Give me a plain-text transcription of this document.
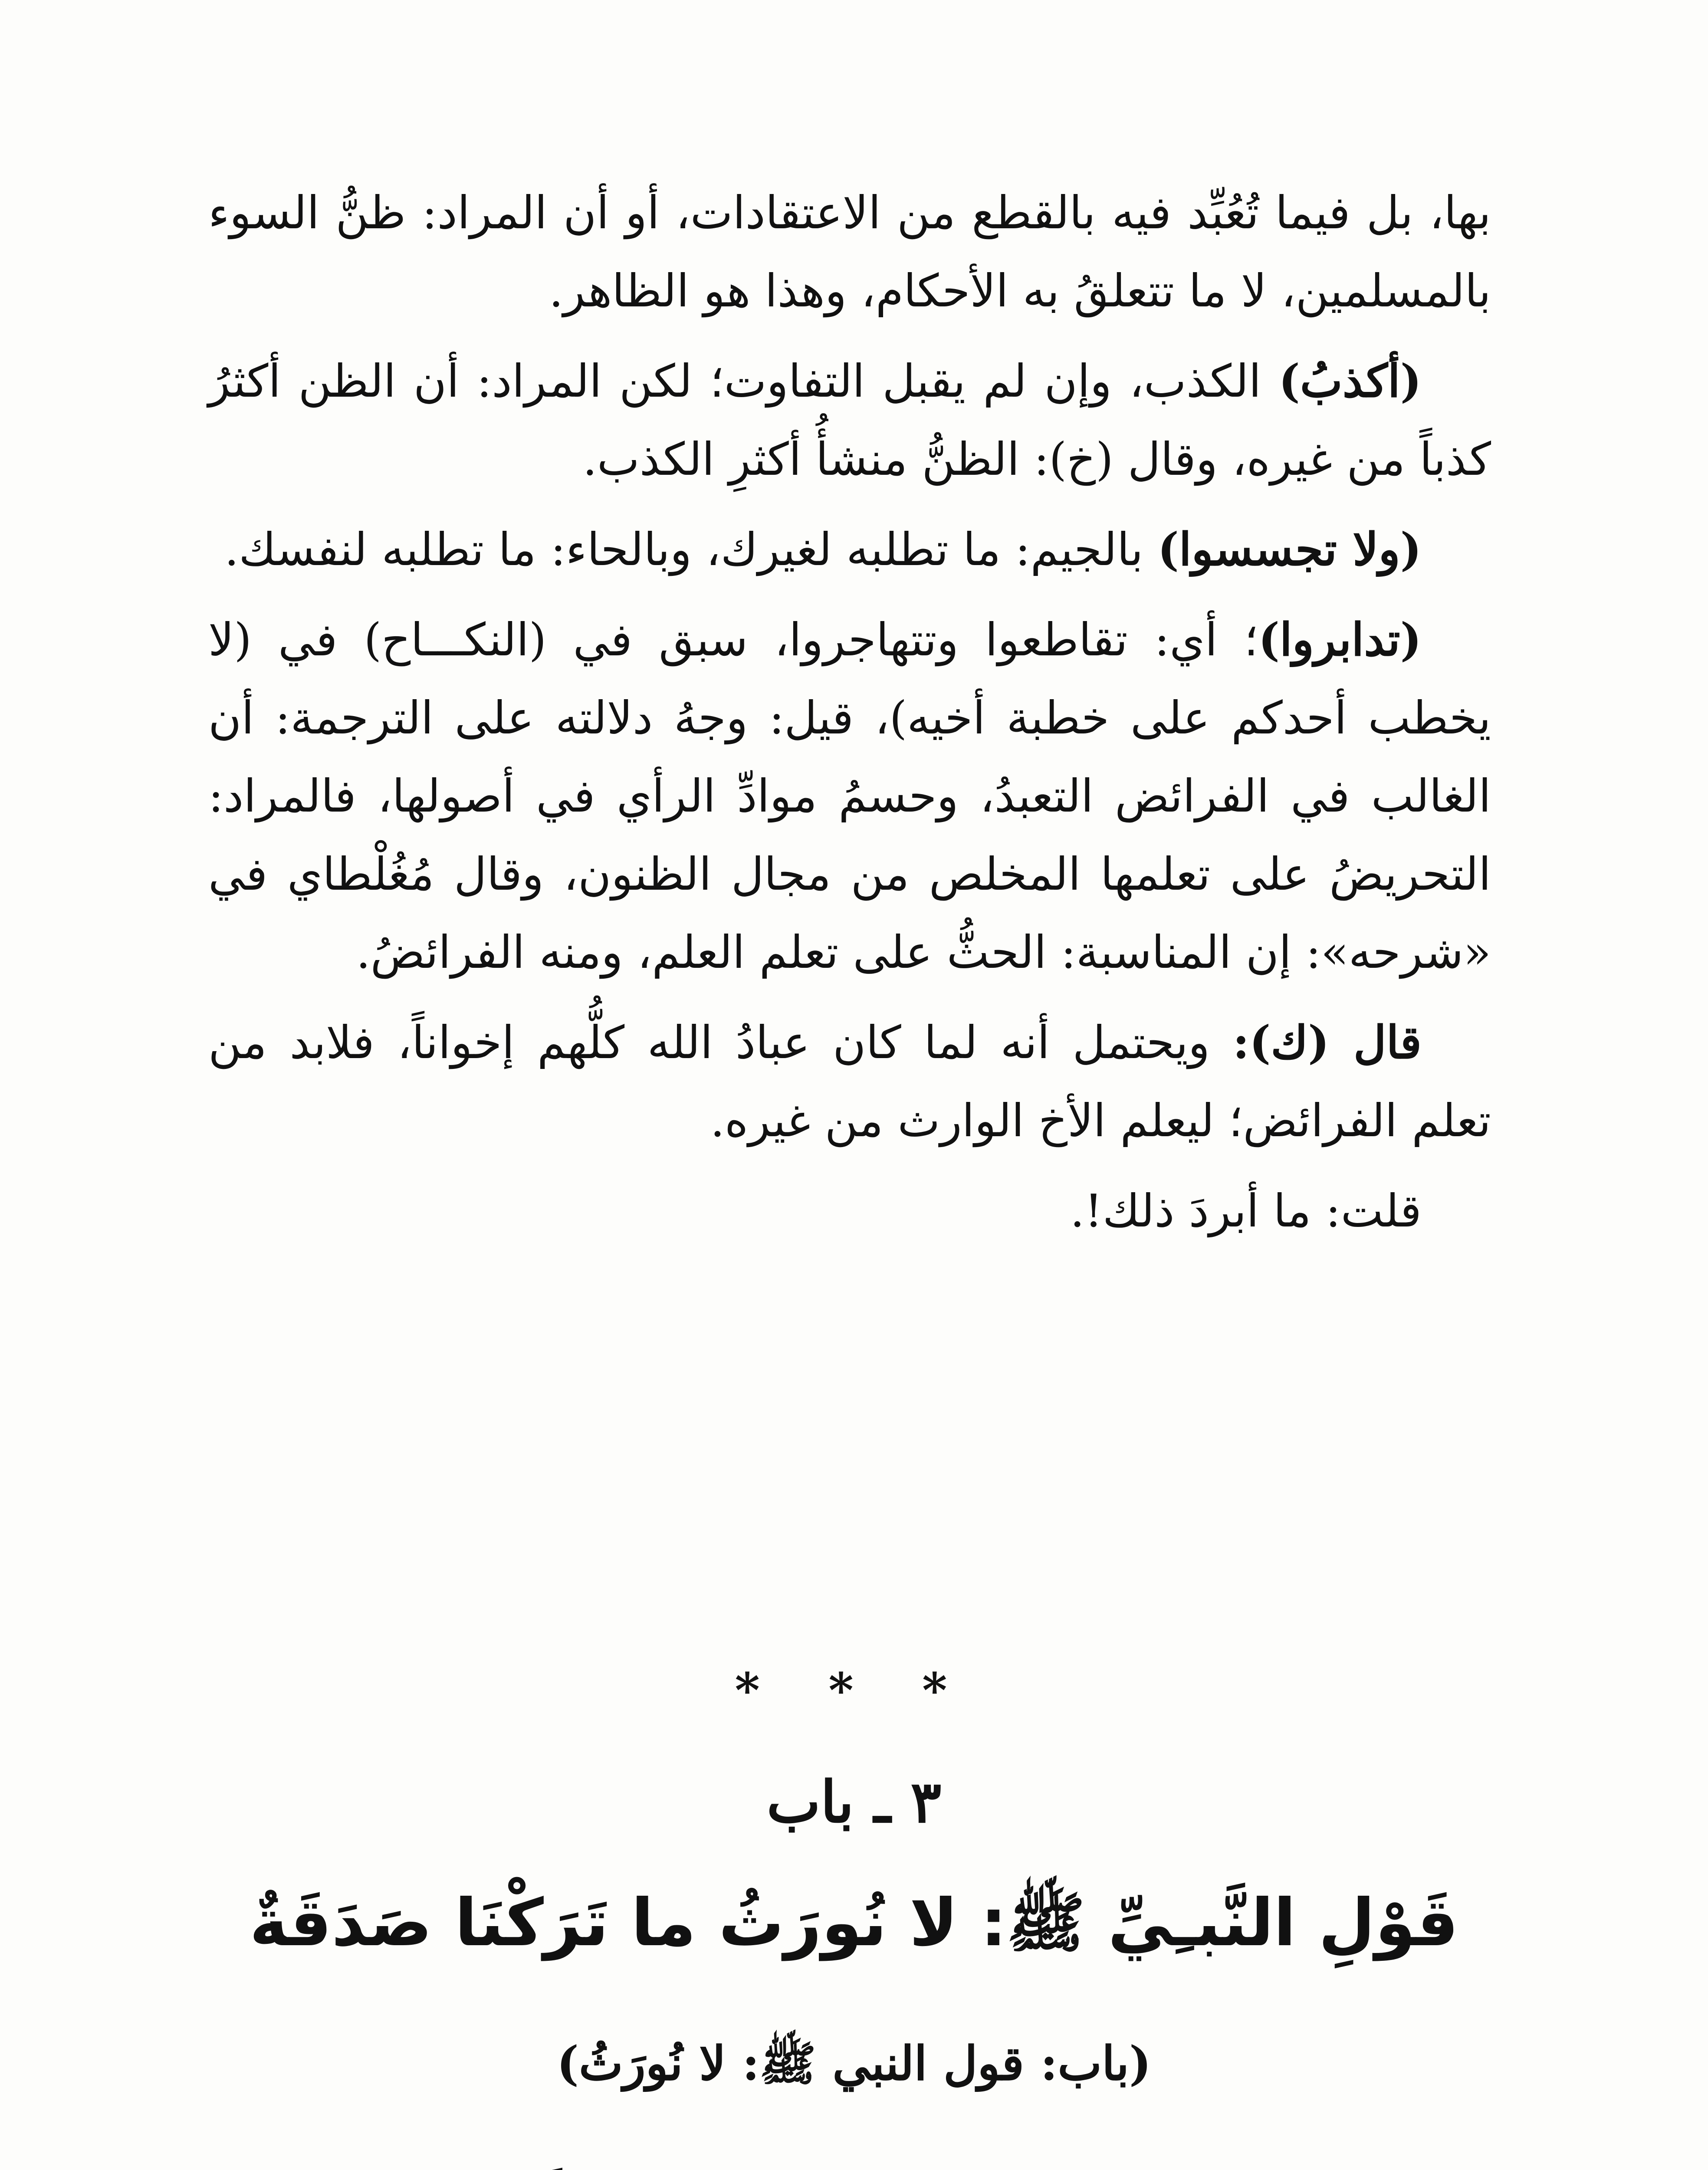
بها، بل فيما تُعُبِّد فيه بالقطع من الاعتقادات، أو أن المراد: ظنُّ السوء بالمسلمين، لا ما تتعلقُ به الأحكام، وهذا هو الظاهر.

(أكذبُ) الكذب، وإن لم يقبل التفاوت؛ لكن المراد: أن الظن أكثرُ كذباً من غيره، وقال (خ): الظنُّ منشأُ أكثرِ الكذب.

(ولا تجسسوا) بالجيم: ما تطلبه لغيرك، وبالحاء: ما تطلبه لنفسك.

(تدابروا)؛ أي: تقاطعوا وتتهاجروا، سبق في (النكـــاح) في (لا يخطب أحدكم على خطبة أخيه)، قيل: وجهُ دلالته على الترجمة: أن الغالب في الفرائض التعبدُ، وحسمُ موادِّ الرأي في أصولها، فالمراد: التحريضُ على تعلمها المخلص من مجال الظنون، وقال مُغُلْطاي في «شرحه»: إن المناسبة: الحثُّ على تعلم العلم، ومنه الفرائضُ.

قال (ك): ويحتمل أنه لما كان عبادُ الله كلُّهم إخواناً، فلابد من تعلم الفرائض؛ ليعلم الأخ الوارث من غيره.

قلت: ما أبردَ ذلك!.

* * *
٣ ـ باب
قَوْلِ النَّبـِيِّ ﷺ: لا نُورَثُ ما تَرَكْنَا صَدَقَةٌ
(باب: قول النبي ﷺ: لا نُورَثُ)
